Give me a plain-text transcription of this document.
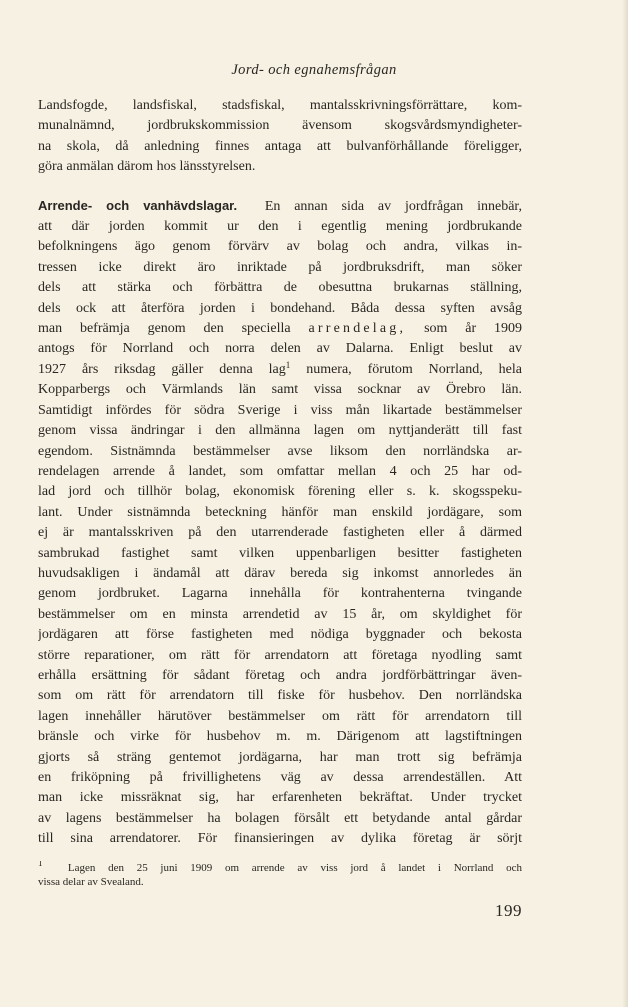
Jord- och egnahemsfrågan

Landsfogde, landsfiskal, stadsfiskal, mantalsskrivningsförrättare, kom-
munalnämnd, jordbrukskommission ävensom skogsvårdsmyndigheter-
na skola, då anledning finnes antaga att bulvanförhållande föreligger,
göra anmälan därom hos länsstyrelsen.

Arrende- och vanhävdslagar. En annan sida av jordfrågan innebär,
att där jorden kommit ur den i egentlig mening jordbrukande
befolkningens ägo genom förvärv av bolag och andra, vilkas in-
tressen icke direkt äro inriktade på jordbruksdrift, man söker
dels att stärka och förbättra de obesuttna brukarnas ställning,
dels ock att återföra jorden i bondehand. Båda dessa syften avsåg
man befrämja genom den speciella arrendelag, som år 1909
antogs för Norrland och norra delen av Dalarna. Enligt beslut av
1927 års riksdag gäller denna lag$^1$ numera, förutom Norrland, hela
Kopparbergs och Värmlands län samt vissa socknar av Örebro län.
Samtidigt infördes för södra Sverige i viss mån likartade bestämmelser
genom vissa ändringar i den allmänna lagen om nyttjanderätt till fast
egendom. Sistnämnda bestämmelser avse liksom den norrländska ar-
rendelagen arrende å landet, som omfattar mellan 4 och 25 har od-
lad jord och tillhör bolag, ekonomisk förening eller s. k. skogsspeku-
lant. Under sistnämnda beteckning hänför man enskild jordägare, som
ej är mantalsskriven på den utarrenderade fastigheten eller å därmed
sambrukad fastighet samt vilken uppenbarligen besitter fastigheten
huvudsakligen i ändamål att därav bereda sig inkomst annorledes än
genom jordbruket. Lagarna innehålla för kontrahenterna tvingande
bestämmelser om en minsta arrendetid av 15 år, om skyldighet för
jordägaren att förse fastigheten med nödiga byggnader och bekosta
större reparationer, om rätt för arrendatorn att företaga nyodling samt
erhålla ersättning för sådant företag och andra jordförbättringar även-
som om rätt för arrendatorn till fiske för husbehov. Den norrländska
lagen innehåller härutöver bestämmelser om rätt för arrendatorn till
bränsle och virke för husbehov m. m. Därigenom att lagstiftningen
gjorts så sträng gentemot jordägarna, har man trott sig befrämja
en friköpning på frivillighetens väg av dessa arrendeställen. Att
man icke missräknat sig, har erfarenheten bekräftat. Under trycket
av lagens bestämmelser ha bolagen försålt ett betydande antal gårdar
till sina arrendatorer. För finansieringen av dylika företag är sörjt

$^1$ Lagen den 25 juni 1909 om arrende av viss jord å landet i Norrland och
vissa delar av Svealand.
199
